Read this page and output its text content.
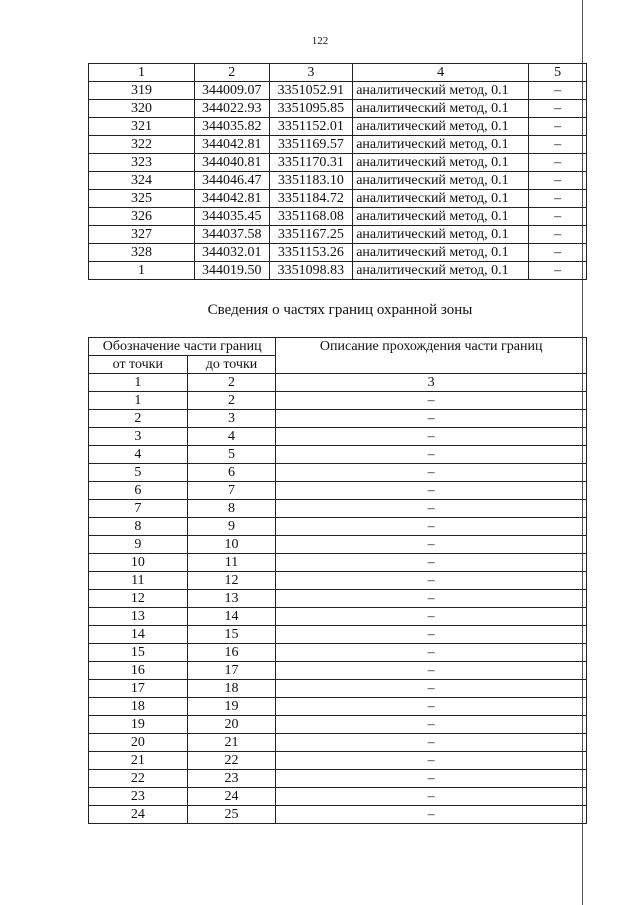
122
1	2	3	4	5
319	344009.07	3351052.91	аналитический метод, 0.1	–
320	344022.93	3351095.85	аналитический метод, 0.1	–
321	344035.82	3351152.01	аналитический метод, 0.1	–
322	344042.81	3351169.57	аналитический метод, 0.1	–
323	344040.81	3351170.31	аналитический метод, 0.1	–
324	344046.47	3351183.10	аналитический метод, 0.1	–
325	344042.81	3351184.72	аналитический метод, 0.1	–
326	344035.45	3351168.08	аналитический метод, 0.1	–
327	344037.58	3351167.25	аналитический метод, 0.1	–
328	344032.01	3351153.26	аналитический метод, 0.1	–
1	344019.50	3351098.83	аналитический метод, 0.1	–
Сведения о частях границ охранной зоны
Обозначение части границ		Описание прохождения части границ
от точки	до точки	
1	2	3
1	2	–
2	3	–
3	4	–
4	5	–
5	6	–
6	7	–
7	8	–
8	9	–
9	10	–
10	11	–
11	12	–
12	13	–
13	14	–
14	15	–
15	16	–
16	17	–
17	18	–
18	19	–
19	20	–
20	21	–
21	22	–
22	23	–
23	24	–
24	25	–
